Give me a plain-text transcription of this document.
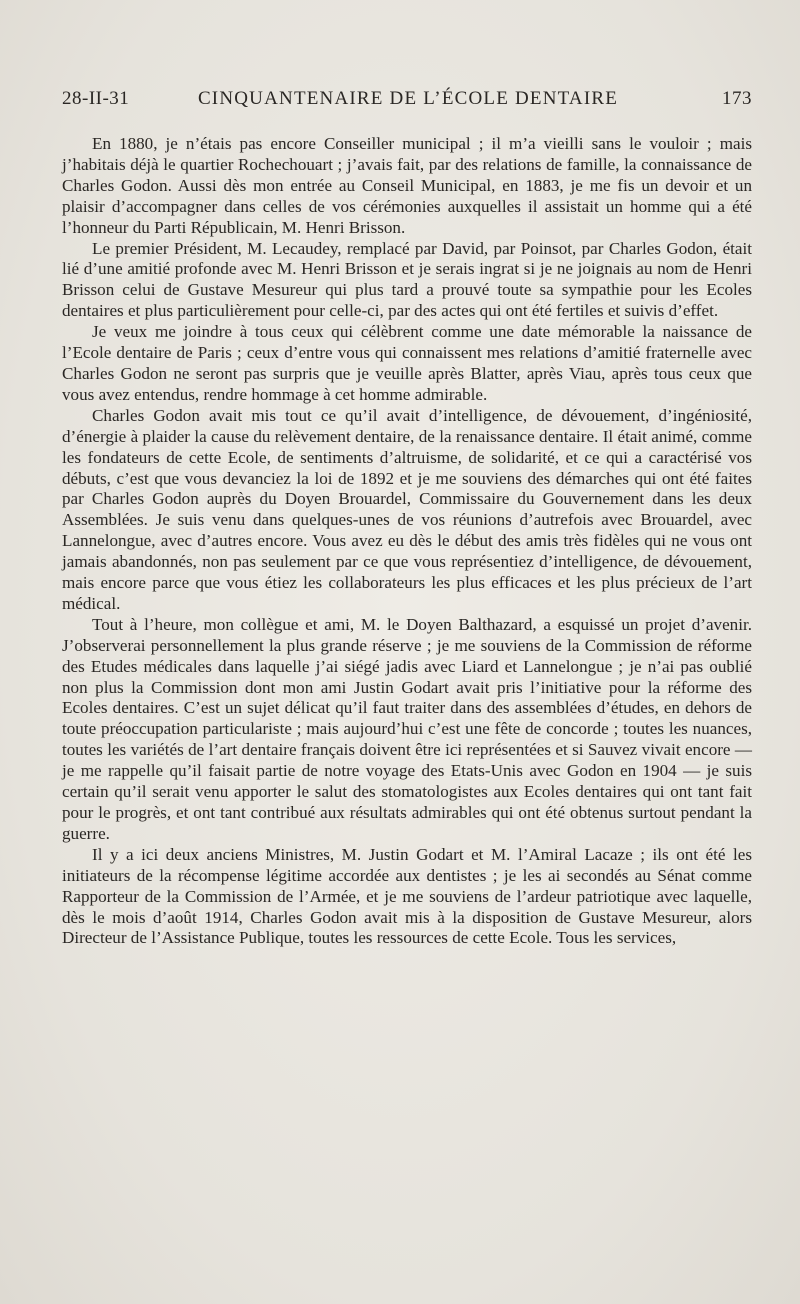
28-II-31	CINQUANTENAIRE DE L’ÉCOLE DENTAIRE	173

En 1880, je n’étais pas encore Conseiller municipal ; il m’a vieilli sans le vouloir ; mais j’habitais déjà le quartier Rochechouart ; j’avais fait, par des relations de famille, la connaissance de Charles Godon. Aussi dès mon entrée au Conseil Municipal, en 1883, je me fis un devoir et un plaisir d’accompagner dans celles de vos cérémonies auxquelles il assistait un homme qui a été l’honneur du Parti Républicain, M. Henri Brisson.

Le premier Président, M. Lecaudey, remplacé par David, par Poinsot, par Charles Godon, était lié d’une amitié profonde avec M. Henri Brisson et je serais ingrat si je ne joignais au nom de Henri Brisson celui de Gustave Mesureur qui plus tard a prouvé toute sa sympathie pour les Ecoles dentaires et plus particulièrement pour celle-ci, par des actes qui ont été fertiles et suivis d’effet.

Je veux me joindre à tous ceux qui célèbrent comme une date mémorable la naissance de l’Ecole dentaire de Paris ; ceux d’entre vous qui connaissent mes relations d’amitié fraternelle avec Charles Godon ne seront pas surpris que je veuille après Blatter, après Viau, après tous ceux que vous avez entendus, rendre hommage à cet homme admirable.

Charles Godon avait mis tout ce qu’il avait d’intelligence, de dévouement, d’ingéniosité, d’énergie à plaider la cause du relèvement dentaire, de la renaissance dentaire. Il était animé, comme les fondateurs de cette Ecole, de sentiments d’altruisme, de solidarité, et ce qui a caractérisé vos débuts, c’est que vous devanciez la loi de 1892 et je me souviens des démarches qui ont été faites par Charles Godon auprès du Doyen Brouardel, Commissaire du Gouvernement dans les deux Assemblées. Je suis venu dans quelques-unes de vos réunions d’autrefois avec Brouardel, avec Lannelongue, avec d’autres encore. Vous avez eu dès le début des amis très fidèles qui ne vous ont jamais abandonnés, non pas seulement par ce que vous représentiez d’intelligence, de dévouement, mais encore parce que vous étiez les collaborateurs les plus efficaces et les plus précieux de l’art médical.

Tout à l’heure, mon collègue et ami, M. le Doyen Balthazard, a esquissé un projet d’avenir. J’observerai personnellement la plus grande réserve ; je me souviens de la Commission de réforme des Etudes médicales dans laquelle j’ai siégé jadis avec Liard et Lannelongue ; je n’ai pas oublié non plus la Commission dont mon ami Justin Godart avait pris l’initiative pour la réforme des Ecoles dentaires. C’est un sujet délicat qu’il faut traiter dans des assemblées d’études, en dehors de toute préoccupation particulariste ; mais aujourd’hui c’est une fête de concorde ; toutes les nuances, toutes les variétés de l’art dentaire français doivent être ici représentées et si Sauvez vivait encore — je me rappelle qu’il faisait partie de notre voyage des Etats-Unis avec Godon en 1904 — je suis certain qu’il serait venu apporter le salut des stomatologistes aux Ecoles dentaires qui ont tant fait pour le progrès, et ont tant contribué aux résultats admirables qui ont été obtenus surtout pendant la guerre.

Il y a ici deux anciens Ministres, M. Justin Godart et M. l’Amiral Lacaze ; ils ont été les initiateurs de la récompense légitime accordée aux dentistes ; je les ai secondés au Sénat comme Rapporteur de la Commission de l’Armée, et je me souviens de l’ardeur patriotique avec laquelle, dès le mois d’août 1914, Charles Godon avait mis à la disposition de Gustave Mesureur, alors Directeur de l’Assistance Publique, toutes les ressources de cette Ecole. Tous les services,
